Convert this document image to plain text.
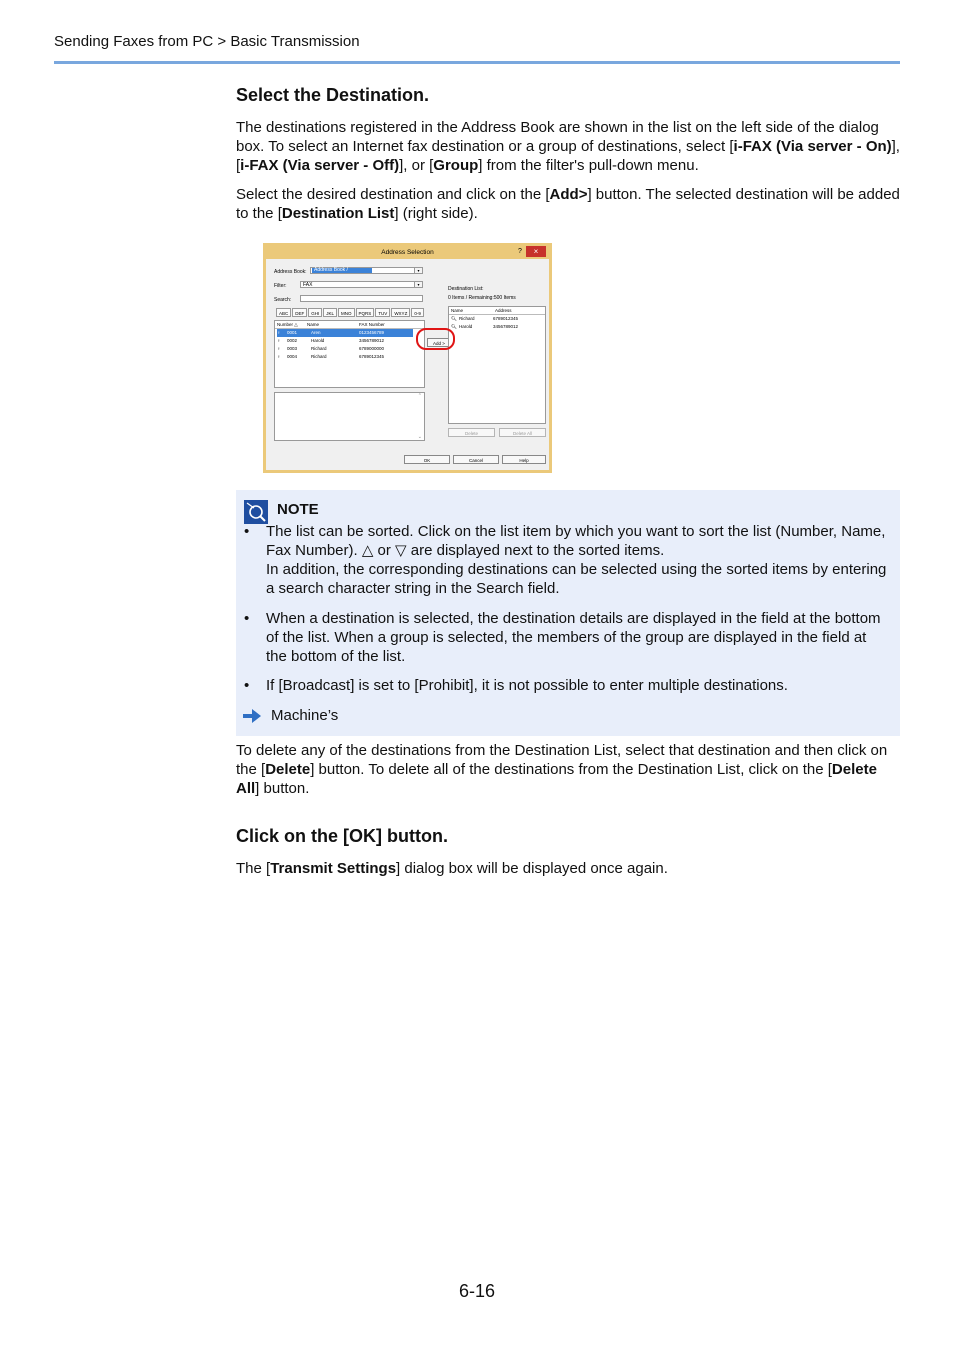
Sending Faxes from PC > Basic Transmission
Select the Destination.

The destinations registered in the Address Book are shown in the list on the left side of the dialog box. To select an Internet fax destination or a group of destinations, select [i-FAX (Via server - On)], [i-FAX (Via server - Off)], or [Group] from the filter's pull-down menu.

Select the desired destination and click on the [Add>] button. The selected destination will be added to the [Destination List] (right side).

Address Selection	?	×
Address Book:	Address Book /	▾
Filter:	FAX	▾
Search:
ABC	DEF	GHI	JKL	MNO	PQRS	TUV	WXYZ	0-9
Number △ Name	FAX Number
♀ 0001	Aren	0123456789
♀ 0002	Harold	3456789012
♀ 0003	Richard	6789000000
♀ 0004	Richard	6789012345
⌃
⌄
Add >
Destination List:
0 Items / Remaining:500 Items
Name	Address
🔍︎ Richard	6789012345
🔍︎ Harold	3456789012
Delete	Delete All
OK	Cancel	Help
NOTE
• The list can be sorted. Click on the list item by which you want to sort the list (Number, Name, Fax Number). △ or ▽ are displayed next to the sorted items.
In addition, the corresponding destinations can be selected using the sorted items by entering a search character string in the Search field.
• When a destination is selected, the destination details are displayed in the field at the bottom of the list. When a group is selected, the members of the group are displayed in the field at the bottom of the list.
• If [Broadcast] is set to [Prohibit], it is not possible to enter multiple destinations.
Machine’s

To delete any of the destinations from the Destination List, select that destination and then click on the [Delete] button. To delete all of the destinations from the Destination List, click on the [Delete All] button.

Click on the [OK] button.

The [Transmit Settings] dialog box will be displayed once again.

6-16
